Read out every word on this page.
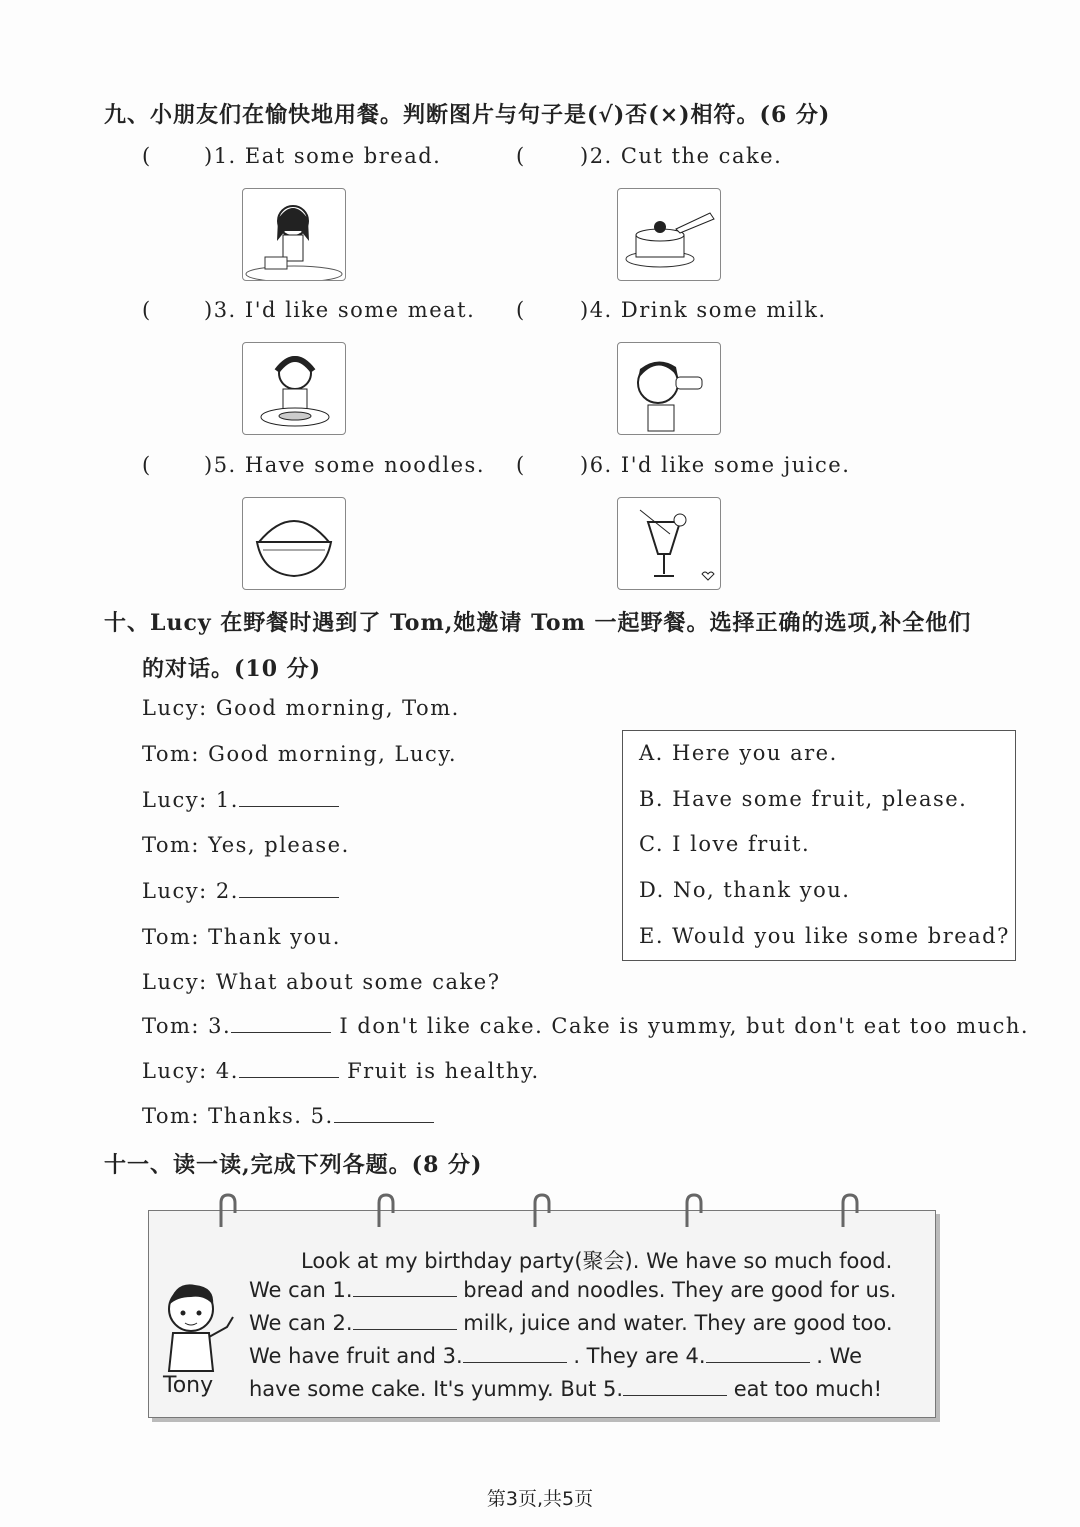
九、小朋友们在愉快地用餐。判断图片与句子是(√)否(×)相符。(6 分)
( )1. Eat some bread.	(	)2. Cut the cake.
( )3. I'd like some meat. (	)4. Drink some milk.
( )5. Have some noodles. (	)6. I'd like some juice.
十、Lucy 在野餐时遇到了 Tom,她邀请 Tom 一起野餐。选择正确的选项,补全他们
的对话。(10 分)
Lucy: Good morning, Tom.
Tom: Good morning, Lucy.
Lucy: 1.
Tom: Yes, please.
Lucy: 2.
Tom: Thank you.
Lucy: What about some cake?
Tom: 3.	I don't like cake. Cake is yummy, but don't eat too much.
Lucy: 4.	Fruit is healthy.
Tom: Thanks. 5.
A. Here you are.
B. Have some fruit, please.
C. I love fruit.
D. No, thank you.
E. Would you like some bread?
十一、读一读,完成下列各题。(8 分)
Tony
Look at my birthday party(聚会). We have so much food.
We can 1.	bread and noodles. They are good for us.
We can 2.	milk, juice and water. They are good too.
We have fruit and 3.	. They are 4.	. We
have some cake. It's yummy. But 5.	eat too much!
第3页,共5页
